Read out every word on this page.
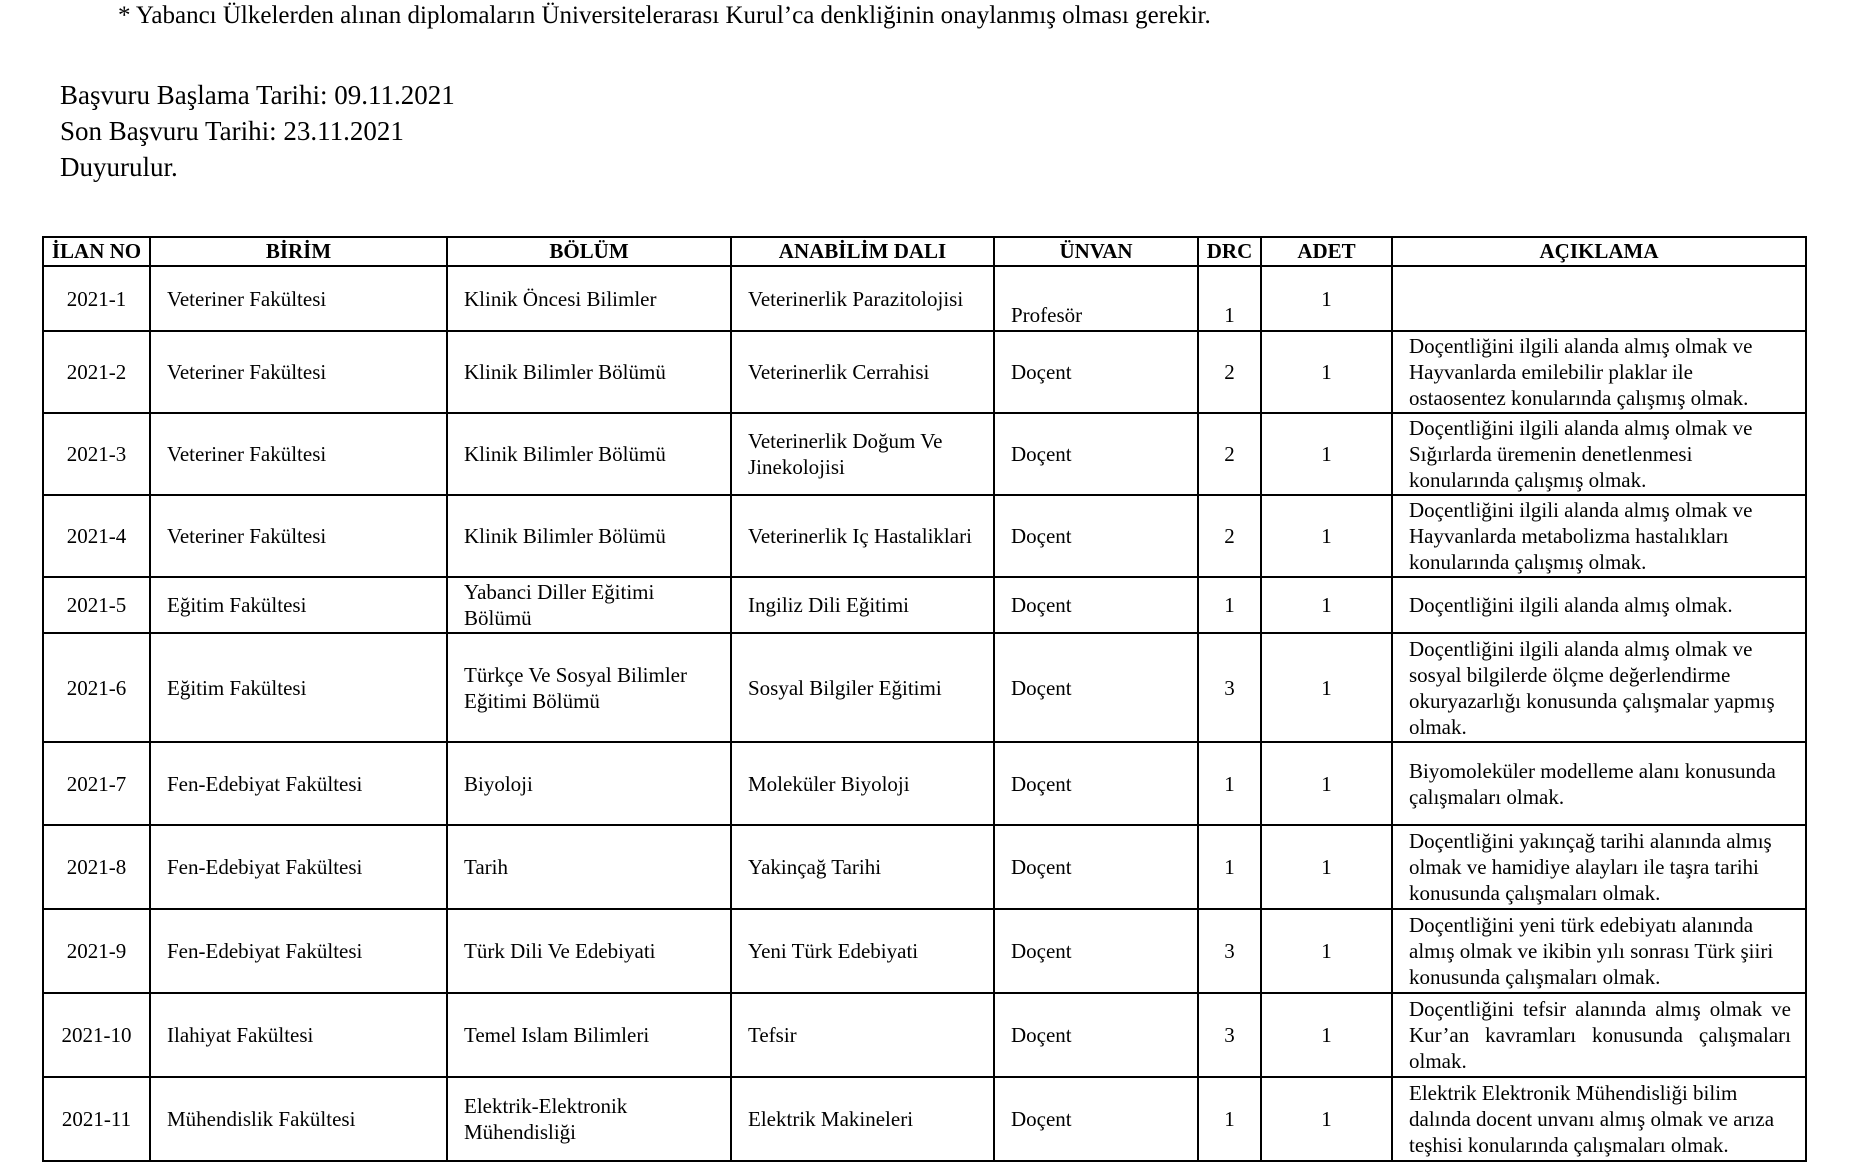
* Yabancı Ülkelerden alınan diplomaların Üniversitelerarası Kurul’ca denkliğinin onaylanmış olması gerekir.
Başvuru Başlama Tarihi: 09.11.2021
Son Başvuru Tarihi: 23.11.2021
Duyurulur.
İLAN NO	BİRİM	BÖLÜM	ANABİLİM DALI	ÜNVAN	DRC	ADET	AÇIKLAMA
2021-1	Veteriner Fakültesi	Klinik Öncesi Bilimler	Veterinerlik Parazitolojisi	Profesör	1	1	
2021-2	Veteriner Fakültesi	Klinik Bilimler Bölümü	Veterinerlik Cerrahisi	Doçent	2	1	Doçentliğini ilgili alanda almış olmak ve Hayvanlarda emilebilir plaklar ile ostaosentez konularında çalışmış olmak.
2021-3	Veteriner Fakültesi	Klinik Bilimler Bölümü	Veterinerlik Doğum Ve Jinekolojisi	Doçent	2	1	Doçentliğini ilgili alanda almış olmak ve Sığırlarda üremenin denetlenmesi konularında çalışmış olmak.
2021-4	Veteriner Fakültesi	Klinik Bilimler Bölümü	Veterinerlik Iç Hastaliklari	Doçent	2	1	Doçentliğini ilgili alanda almış olmak ve Hayvanlarda metabolizma hastalıkları konularında çalışmış olmak.
2021-5	Eğitim Fakültesi	Yabanci Diller Eğitimi Bölümü	Ingiliz Dili Eğitimi	Doçent	1	1	Doçentliğini ilgili alanda almış olmak.
2021-6	Eğitim Fakültesi	Türkçe Ve Sosyal Bilimler Eğitimi Bölümü	Sosyal Bilgiler Eğitimi	Doçent	3	1	Doçentliğini ilgili alanda almış olmak ve sosyal bilgilerde ölçme değerlendirme okuryazarlığı konusunda çalışmalar yapmış olmak.
2021-7	Fen-Edebiyat Fakültesi	Biyoloji	Moleküler Biyoloji	Doçent	1	1	Biyomoleküler modelleme alanı konusunda çalışmaları olmak.
2021-8	Fen-Edebiyat Fakültesi	Tarih	Yakinçağ Tarihi	Doçent	1	1	Doçentliğini yakınçağ tarihi alanında almış olmak ve hamidiye alayları ile taşra tarihi konusunda çalışmaları olmak.
2021-9	Fen-Edebiyat Fakültesi	Türk Dili Ve Edebiyati	Yeni Türk Edebiyati	Doçent	3	1	Doçentliğini yeni türk edebiyatı alanında almış olmak ve ikibin yılı sonrası Türk şiiri konusunda çalışmaları olmak.
2021-10	Ilahiyat Fakültesi	Temel Islam Bilimleri	Tefsir	Doçent	3	1	Doçentliğini tefsir alanında almış olmak ve Kur’an kavramları konusunda çalışmaları olmak.
2021-11	Mühendislik Fakültesi	Elektrik-Elektronik Mühendisliği	Elektrik Makineleri	Doçent	1	1	Elektrik Elektronik Mühendisliği bilim dalında docent unvanı almış olmak ve arıza teşhisi konularında çalışmaları olmak.
